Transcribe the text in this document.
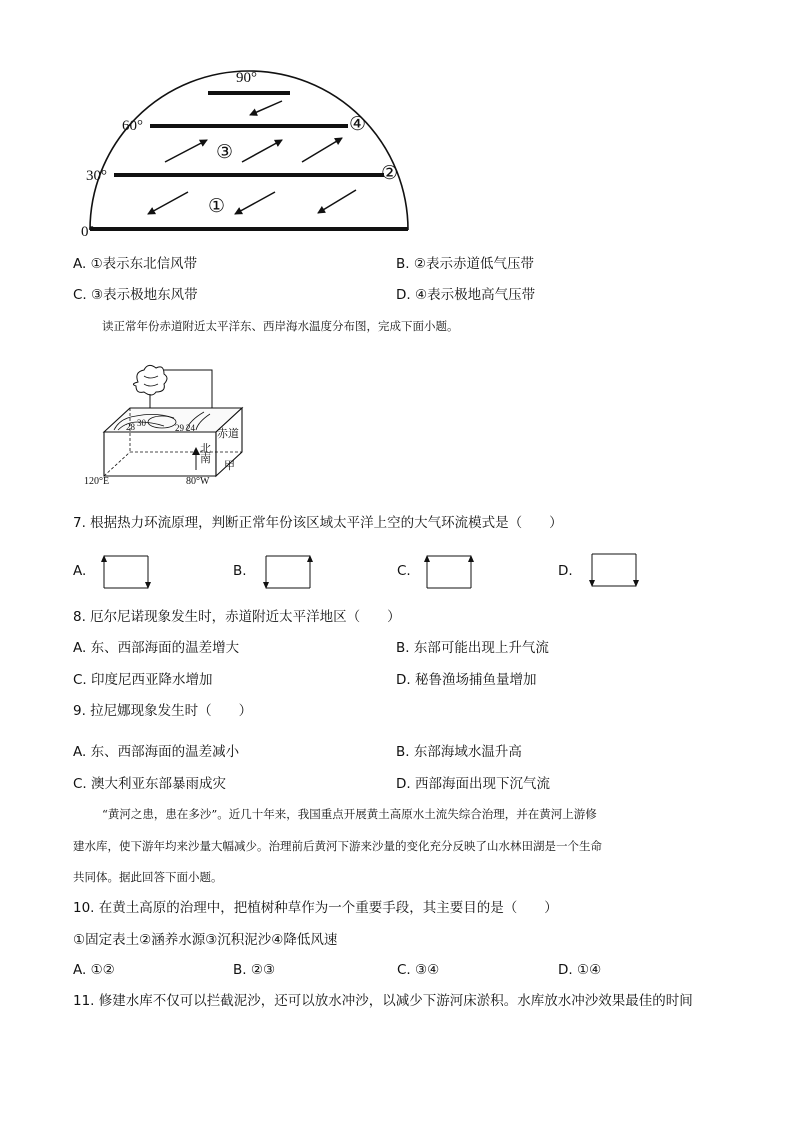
90°
60°
30°
0°
①
②
③
④
A. ①表示东北信风带	B. ②表示赤道低气压带
C. ③表示极地东风带	D. ④表示极地高气压带
读正常年份赤道附近太平洋东、西岸海水温度分布图，完成下面小题。
28 30	29 24 赤道
北
南
甲
120°E	80°W
7. 根据热力环流原理，判断正常年份该区域太平洋上空的大气环流模式是（　　）
A.	B.	C.	D.
8. 厄尔尼诺现象发生时，赤道附近太平洋地区（　　）
A. 东、西部海面的温差增大	B. 东部可能出现上升气流
C. 印度尼西亚降水增加	D. 秘鲁渔场捕鱼量增加
9. 拉尼娜现象发生时（　　）
A. 东、西部海面的温差减小	B. 东部海域水温升高
C. 澳大利亚东部暴雨成灾	D. 西部海面出现下沉气流
“黄河之患，患在多沙”。近几十年来，我国重点开展黄土高原水土流失综合治理，并在黄河上游修
建水库，使下游年均来沙量大幅减少。治理前后黄河下游来沙量的变化充分反映了山水林田湖是一个生命
共同体。据此回答下面小题。
10. 在黄土高原的治理中，把植树种草作为一个重要手段，其主要目的是（　　）
①固定表土②涵养水源③沉积泥沙④降低风速
A. ①②	B. ②③	C. ③④	D. ①④
11. 修建水库不仅可以拦截泥沙，还可以放水冲沙，以减少下游河床淤积。水库放水冲沙效果最佳的时间
